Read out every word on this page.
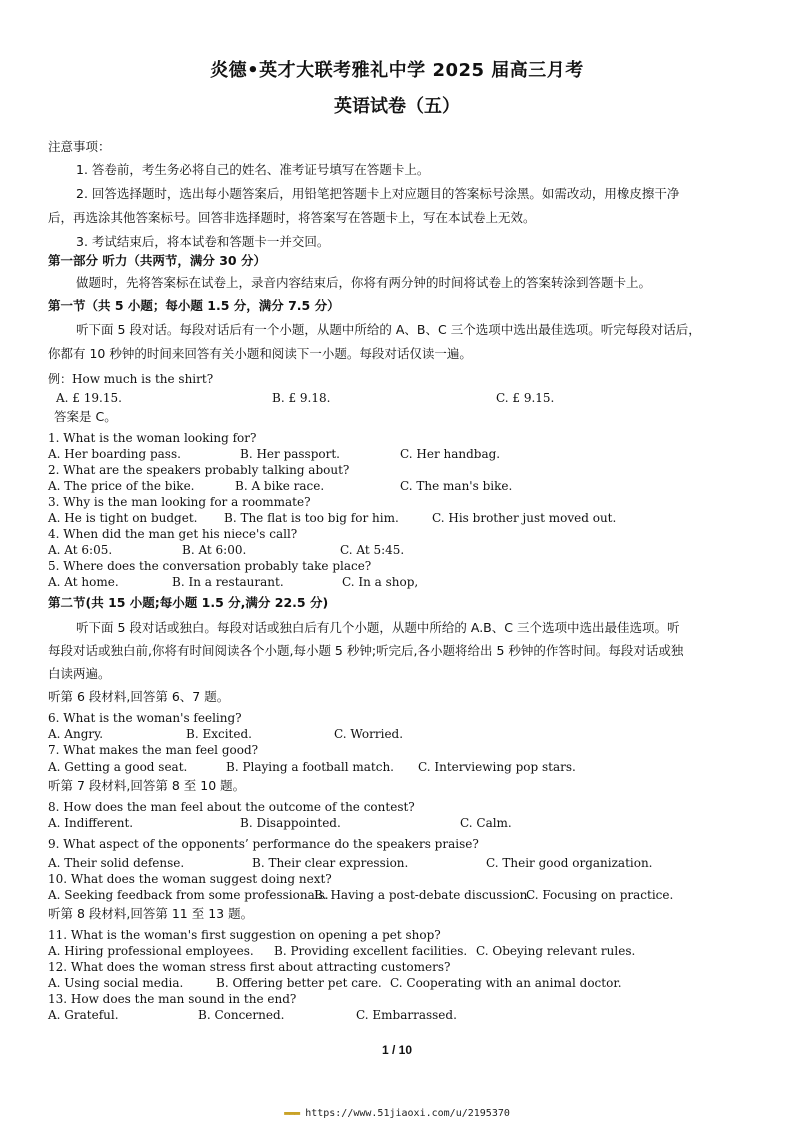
炎德•英才大联考雅礼中学 2025 届高三月考
英语试卷（五）
注意事项：
1. 答卷前，考生务必将自己的姓名、准考证号填写在答题卡上。
2. 回答选择题时，选出每小题答案后，用铅笔把答题卡上对应题目的答案标号涂黑。如需改动，用橡皮擦干净
后，再选涂其他答案标号。回答非选择题时，将答案写在答题卡上，写在本试卷上无效。
3. 考试结束后，将本试卷和答题卡一并交回。
第一部分 听力（共两节，满分 30 分）
做题时，先将答案标在试卷上，录音内容结束后，你将有两分钟的时间将试卷上的答案转涂到答题卡上。
第一节（共 5 小题；每小题 1.5 分，满分 7.5 分）
听下面 5 段对话。每段对话后有一个小题，从题中所给的 A、B、C 三个选项中选出最佳选项。听完每段对话后，
你都有 10 秒钟的时间来回答有关小题和阅读下一小题。每段对话仅读一遍。
例：How much is the shirt?
A. £ 19.15.	B. £ 9.18.	C. £ 9.15.
答案是 C。
1. What is the woman looking for?
A. Her boarding pass.	B. Her passport.	C. Her handbag.
2. What are the speakers probably talking about?
A. The price of the bike.	B. A bike race.	C. The man's bike.
3. Why is the man looking for a roommate?
A. He is tight on budget. B. The flat is too big for him.	C. His brother just moved out.
4. When did the man get his niece's call?
A. At 6:05.	B. At 6:00.	C. At 5:45.
5. Where does the conversation probably take place?
A. At home.	B. In a restaurant.	C. In a shop,
第二节(共 15 小题;每小题 1.5 分,满分 22.5 分)
听下面 5 段对话或独白。每段对话或独白后有几个小题，从题中所给的 A.B、C 三个选项中选出最佳选项。听
每段对话或独白前,你将有时间阅读各个小题,每小题 5 秒钟;听完后,各小题将给出 5 秒钟的作答时间。每段对话或独
白读两遍。
听第 6 段材料,回答第 6、7 题。
6. What is the woman's feeling?
A. Angry.	B. Excited.	C. Worried.
7. What makes the man feel good?
A. Getting a good seat.	B. Playing a football match. C. Interviewing pop stars.
听第 7 段材料,回答第 8 至 10 题。
8. How does the man feel about the outcome of the contest?
A. Indifferent.	B. Disappointed.	C. Calm.
9. What aspect of the opponents’ performance do the speakers praise?
A. Their solid defense.	B. Their clear expression.	C. Their good organization.
10. What does the woman suggest doing next?
A. Seeking feedback from some professionals.
B. Having a post-debate discussion.
C. Focusing on practice.
听第 8 段材料,回答第 11 至 13 题。
11. What is the woman's first suggestion on opening a pet shop?
A. Hiring professional employees. B. Providing excellent facilities. C. Obeying relevant rules.
12. What does the woman stress first about attracting customers?
A. Using social media.	B. Offering better pet care. C. Cooperating with an animal doctor.
13. How does the man sound in the end?
A. Grateful.	B. Concerned.	C. Embarrassed.
1 / 10
▬▬▬ https://www.51jiaoxi.com/u/2195370
